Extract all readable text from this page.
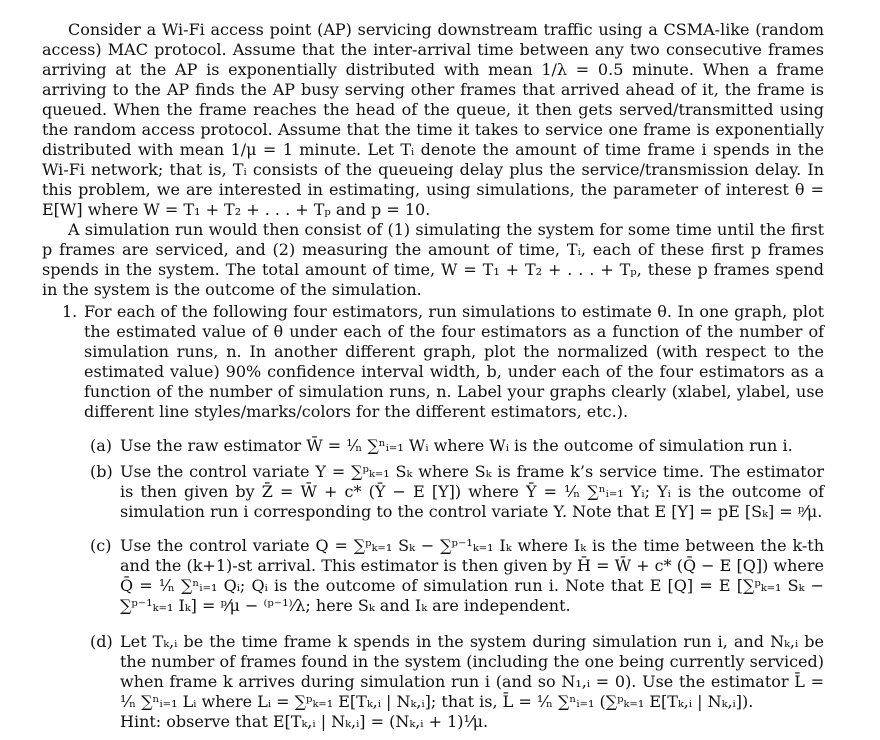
Consider a Wi-Fi access point (AP) servicing downstream traffic using a CSMA-like (random access) MAC protocol. Assume that the inter-arrival time between any two consecutive frames arriving at the AP is exponentially distributed with mean 1/λ = 0.5 minute. When a frame arriving to the AP finds the AP busy serving other frames that arrived ahead of it, the frame is queued. When the frame reaches the head of the queue, it then gets served/transmitted using the random access protocol. Assume that the time it takes to service one frame is exponentially distributed with mean 1/μ = 1 minute. Let Tᵢ denote the amount of time frame i spends in the Wi-Fi network; that is, Tᵢ consists of the queueing delay plus the service/transmission delay. In this problem, we are interested in estimating, using simulations, the parameter of interest θ = E[W] where W = T₁ + T₂ + . . . + Tₚ and p = 10.

A simulation run would then consist of (1) simulating the system for some time until the first p frames are serviced, and (2) measuring the amount of time, Tᵢ, each of these first p frames spends in the system. The total amount of time, W = T₁ + T₂ + . . . + Tₚ, these p frames spend in the system is the outcome of the simulation.

1. For each of the following four estimators, run simulations to estimate θ. In one graph, plot the estimated value of θ under each of the four estimators as a function of the number of simulation runs, n. In another different graph, plot the normalized (with respect to the estimated value) 90% confidence interval width, b, under each of the four estimators as a function of the number of simulation runs, n. Label your graphs clearly (xlabel, ylabel, use different line styles/marks/colors for the different estimators, etc.).
(a) Use the raw estimator W̄ = ¹⁄ₙ ∑ⁿᵢ₌₁ Wᵢ where Wᵢ is the outcome of simulation run i.
(b) Use the control variate Y = ∑ᵖₖ₌₁ Sₖ where Sₖ is frame k’s service time. The estimator is then given by Z̄ = W̄ + c* (Ȳ − E [Y]) where Ȳ = ¹⁄ₙ ∑ⁿᵢ₌₁ Yᵢ; Yᵢ is the outcome of simulation run i corresponding to the control variate Y. Note that E [Y] = pE [Sₖ] = ᵖ⁄μ.
(c) Use the control variate Q = ∑ᵖₖ₌₁ Sₖ − ∑ᵖ⁻¹ₖ₌₁ Iₖ where Iₖ is the time between the k-th and the (k+1)-st arrival. This estimator is then given by H̄ = W̄ + c* (Q̄ − E [Q]) where Q̄ = ¹⁄ₙ ∑ⁿᵢ₌₁ Qᵢ; Qᵢ is the outcome of simulation run i. Note that E [Q] = E [∑ᵖₖ₌₁ Sₖ − ∑ᵖ⁻¹ₖ₌₁ Iₖ] = ᵖ⁄μ − ⁽ᵖ⁻¹⁾⁄λ; here Sₖ and Iₖ are independent.
(d) Let Tₖ,ᵢ be the time frame k spends in the system during simulation run i, and Nₖ,ᵢ be the number of frames found in the system (including the one being currently serviced) when frame k arrives during simulation run i (and so N₁,ᵢ = 0). Use the estimator L̄ = ¹⁄ₙ ∑ⁿᵢ₌₁ Lᵢ where Lᵢ = ∑ᵖₖ₌₁ E[Tₖ,ᵢ | Nₖ,ᵢ]; that is, L̄ = ¹⁄ₙ ∑ⁿᵢ₌₁ (∑ᵖₖ₌₁ E[Tₖ,ᵢ | Nₖ,ᵢ]).
Hint: observe that E[Tₖ,ᵢ | Nₖ,ᵢ] = (Nₖ,ᵢ + 1)¹⁄μ.
